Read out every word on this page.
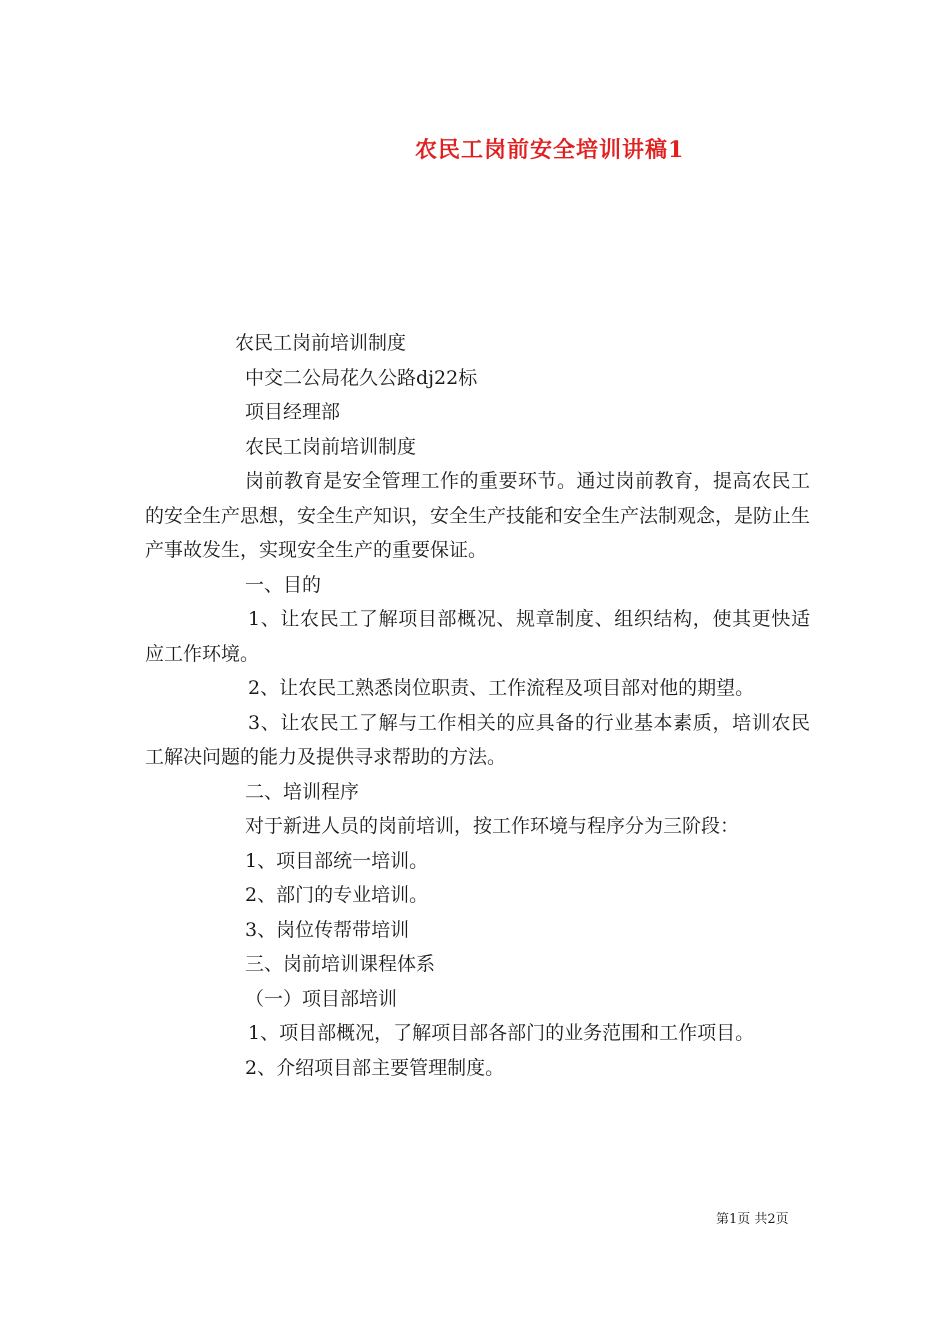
农民工岗前安全培训讲稿1

农民工岗前培训制度

中交二公局花久公路dj22标

项目经理部

农民工岗前培训制度

岗前教育是安全管理工作的重要环节。通过岗前教育，提高农民工的安全生产思想，安全生产知识，安全生产技能和安全生产法制观念，是防止生产事故发生，实现安全生产的重要保证。

一、目的

1、让农民工了解项目部概况、规章制度、组织结构，使其更快适应工作环境。

2、让农民工熟悉岗位职责、工作流程及项目部对他的期望。

3、让农民工了解与工作相关的应具备的行业基本素质，培训农民工解决问题的能力及提供寻求帮助的方法。

二、培训程序

对于新进人员的岗前培训，按工作环境与程序分为三阶段：

1、项目部统一培训。

2、部门的专业培训。

3、岗位传帮带培训

三、岗前培训课程体系

（一）项目部培训

1、项目部概况，了解项目部各部门的业务范围和工作项目。

2、介绍项目部主要管理制度。

第1页 共2页
